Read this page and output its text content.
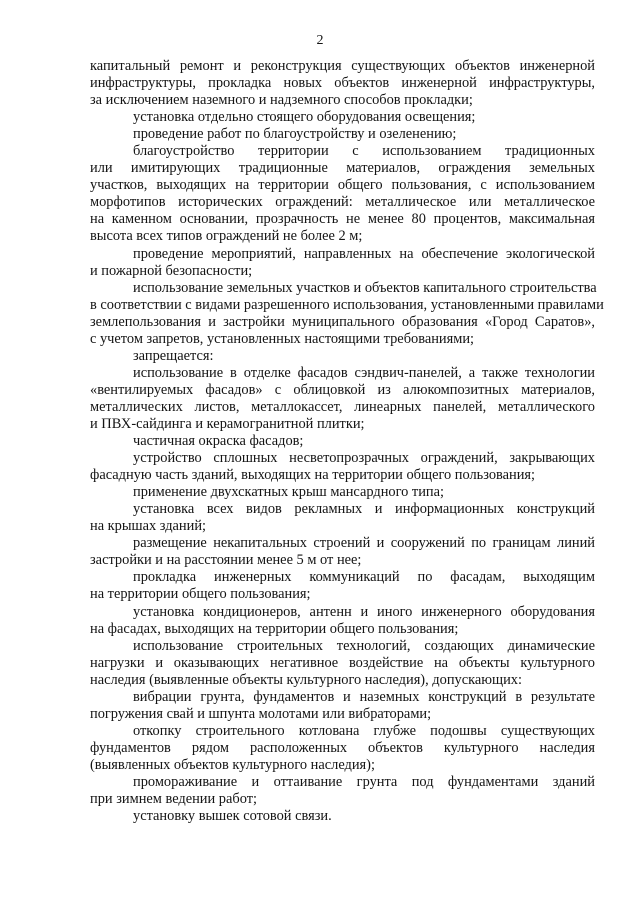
2
капитальный ремонт и реконструкция существующих объектов инженерной
инфраструктуры, прокладка новых объектов инженерной инфраструктуры,
за исключением наземного и надземного способов прокладки;
установка отдельно стоящего оборудования освещения;
проведение работ по благоустройству и озеленению;
благоустройство территории с использованием традиционных
или имитирующих традиционные материалов, ограждения земельных
участков, выходящих на территории общего пользования, с использованием
морфотипов исторических ограждений: металлическое или металлическое
на каменном основании, прозрачность не менее 80 процентов, максимальная
высота всех типов ограждений не более 2 м;
проведение мероприятий, направленных на обеспечение экологической
и пожарной безопасности;
использование земельных участков и объектов капитального строительства
в соответствии с видами разрешенного использования, установленными правилами
землепользования и застройки муниципального образования «Город Саратов»,
с учетом запретов, установленных настоящими требованиями;
запрещается:
использование в отделке фасадов сэндвич-панелей, а также технологии
«вентилируемых фасадов» с облицовкой из алюкомпозитных материалов,
металлических листов, металлокассет, линеарных панелей, металлического
и ПВХ-сайдинга и керамогранитной плитки;
частичная окраска фасадов;
устройство сплошных несветопрозрачных ограждений, закрывающих
фасадную часть зданий, выходящих на территории общего пользования;
применение двухскатных крыш мансардного типа;
установка всех видов рекламных и информационных конструкций
на крышах зданий;
размещение некапитальных строений и сооружений по границам линий
застройки и на расстоянии менее 5 м от нее;
прокладка инженерных коммуникаций по фасадам, выходящим
на территории общего пользования;
установка кондиционеров, антенн и иного инженерного оборудования
на фасадах, выходящих на территории общего пользования;
использование строительных технологий, создающих динамические
нагрузки и оказывающих негативное воздействие на объекты культурного
наследия (выявленные объекты культурного наследия), допускающих:
вибрации грунта, фундаментов и наземных конструкций в результате
погружения свай и шпунта молотами или вибраторами;
откопку строительного котлована глубже подошвы существующих
фундаментов рядом расположенных объектов культурного наследия
(выявленных объектов культурного наследия);
промораживание и оттаивание грунта под фундаментами зданий
при зимнем ведении работ;
установку вышек сотовой связи.
